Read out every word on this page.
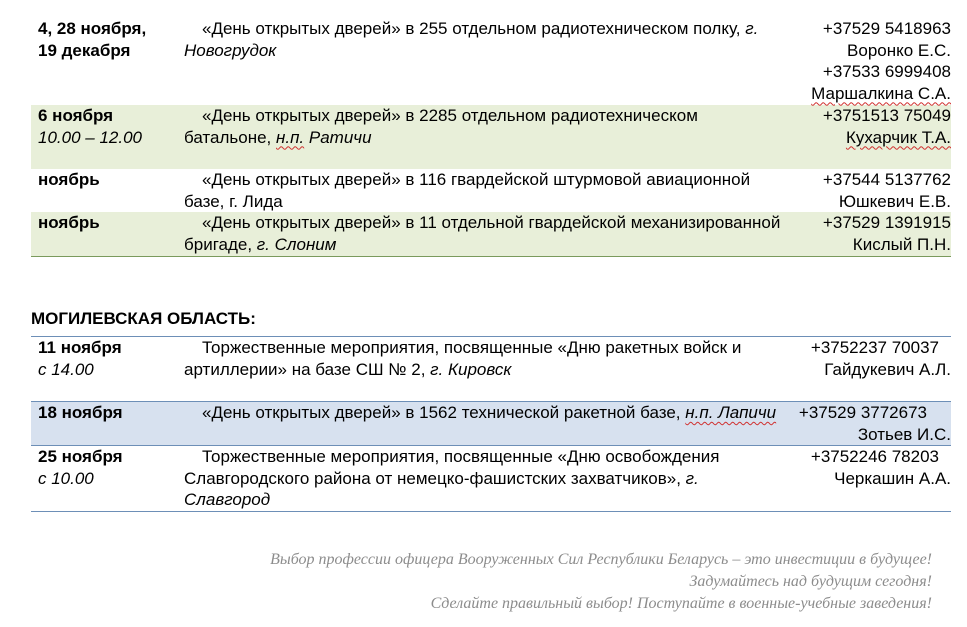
4, 28 ноября,
19 декабря	«День открытых дверей» в 255 отдельном радиотехническом полку, г. Новогрудок	+37529 5418963
Воронко Е.С.
+37533 6999408
Маршалкина С.А.

6 ноября
10.00 – 12.00	«День открытых дверей» в 2285 отдельном радиотехническом батальоне, н.п. Ратичи	+3751513 75049
Кухарчик Т.А.

ноябрь	«День открытых дверей» в 116 гвардейской штурмовой авиационной базе, г. Лида	+37544 5137762
Юшкевич Е.В.

ноябрь	«День открытых дверей» в 11 отдельной гвардейской механизированной бригаде, г. Слоним	+37529 1391915
Кислый П.Н.
МОГИЛЕВСКАЯ ОБЛАСТЬ:
11 ноября
с 14.00	Торжественные мероприятия, посвященные «Дню ракетных войск и артиллерии» на базе СШ № 2, г. Кировск	+3752237 70037
Гайдукевич А.Л.

18 ноября	«День открытых дверей» в 1562 технической ракетной базе, н.п. Лапичи	+37529 3772673
Зотьев И.С.

25 ноября
с 10.00	Торжественные мероприятия, посвященные «Дню освобождения Славгородского района от немецко-фашистских захватчиков», г. Славгород	+3752246 78203
Черкашин А.А.
Выбор профессии офицера Вооруженных Сил Республики Беларусь – это инвестиции в будущее!
Задумайтесь над будущим сегодня!
Сделайте правильный выбор! Поступайте в военные-учебные заведения!
